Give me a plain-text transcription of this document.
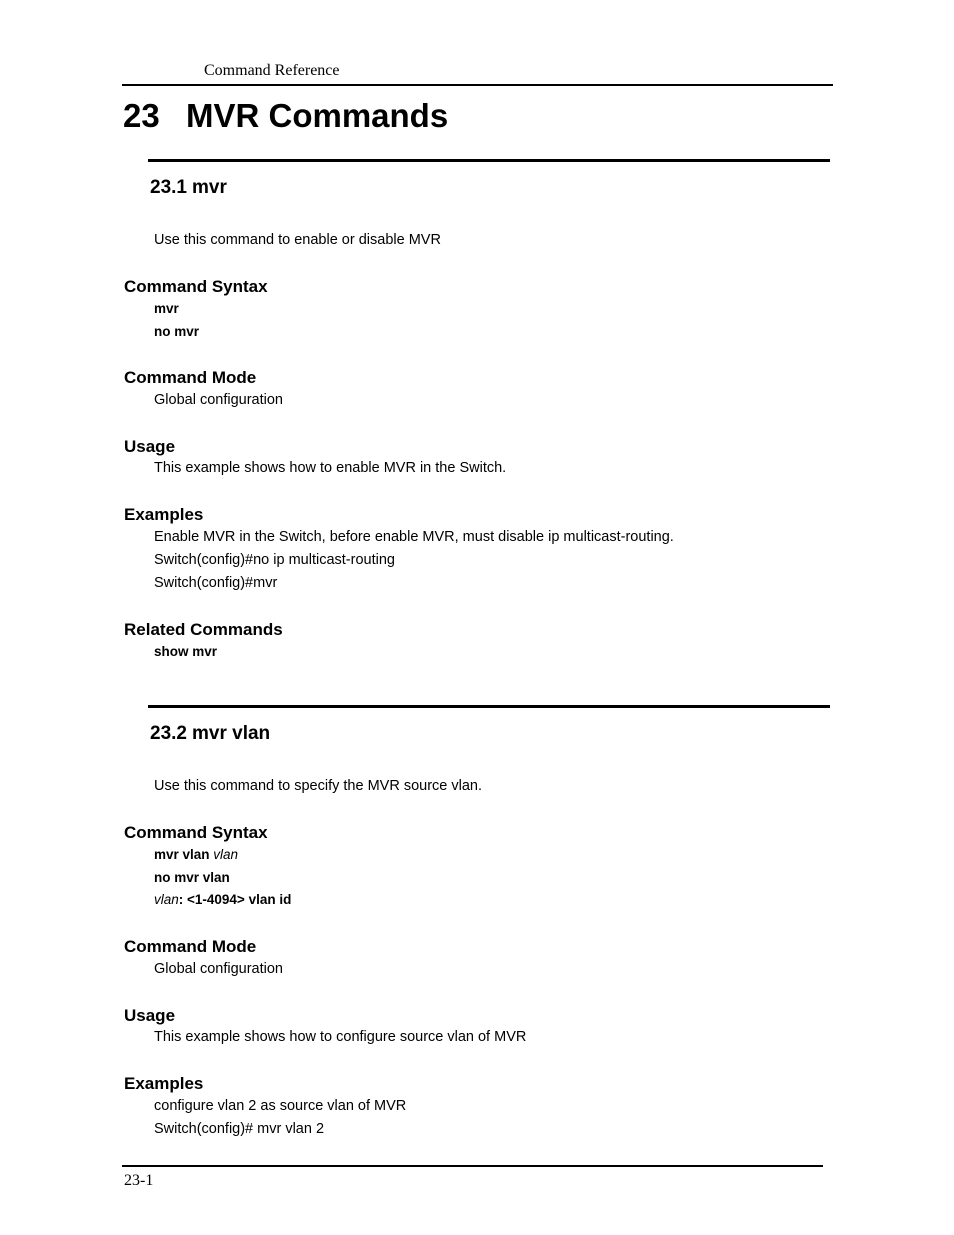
Command Reference
23 MVR Commands
23.1 mvr
Use this command to enable or disable MVR
Command Syntax
mvr
no mvr
Command Mode
Global configuration
Usage
This example shows how to enable MVR in the Switch.
Examples
Enable MVR in the Switch, before enable MVR, must disable ip multicast-routing.
Switch(config)#no ip multicast-routing
Switch(config)#mvr
Related Commands
show mvr
23.2 mvr vlan
Use this command to specify the MVR source vlan.
Command Syntax
mvr vlan vlan
no mvr vlan
vlan: <1-4094> vlan id
Command Mode
Global configuration
Usage
This example shows how to configure source vlan of MVR
Examples
configure vlan 2 as source vlan of MVR
Switch(config)# mvr vlan 2
23-1
